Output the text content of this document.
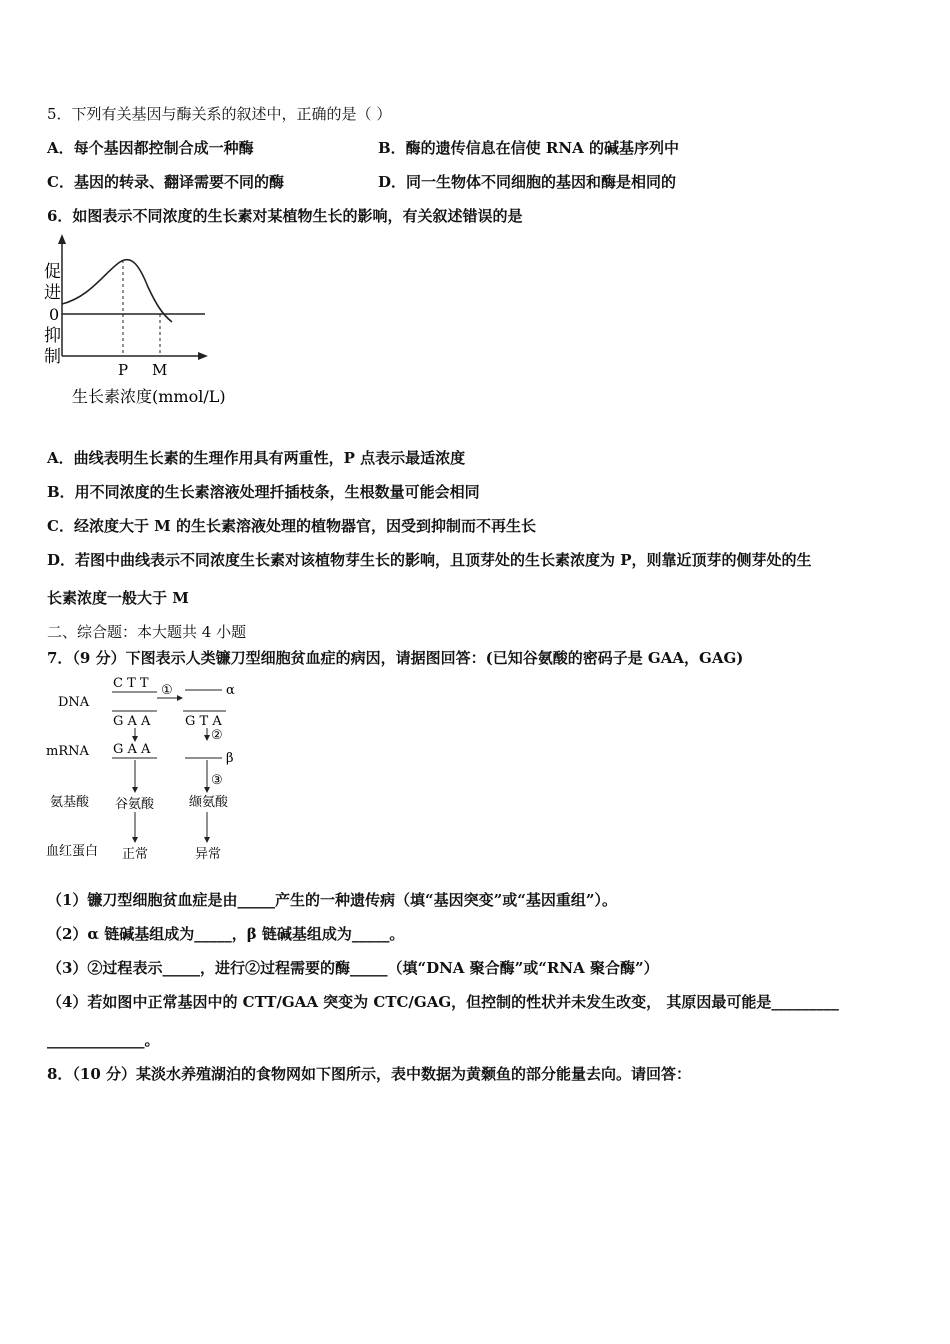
5．下列有关基因与酶关系的叙述中，正确的是（ ）
A．每个基因都控制合成一种酶	B．酶的遗传信息在信使 RNA 的碱基序列中
C．基因的转录、翻译需要不同的酶	D．同一生物体不同细胞的基因和酶是相同的
6．如图表示不同浓度的生长素对某植物生长的影响，有关叙述错误的是
促
进
0
抑
制
P M
生长素浓度(mmol/L)
A．曲线表明生长素的生理作用具有两重性，P 点表示最适浓度
B．用不同浓度的生长素溶液处理扦插枝条，生根数量可能会相同
C．经浓度大于 M 的生长素溶液处理的植物器官，因受到抑制而不再生长
D．若图中曲线表示不同浓度生长素对该植物芽生长的影响，且顶芽处的生长素浓度为 P，则靠近顶芽的侧芽处的生
长素浓度一般大于 M
二、综合题：本大题共 4 小题
7．（9 分）下图表示人类镰刀型细胞贫血症的病因，请据图回答：(已知谷氨酸的密码子是 GAA，GAG)
DNA
mRNA
氨基酸
血红蛋白
C T T
G A A
G A A
谷氨酸
正常
①	α
G T A
②
β
③
缬氨酸
异常
（1）镰刀型细胞贫血症是由_____产生的一种遗传病（填“基因突变”或“基因重组”）。
（2）α 链碱基组成为_____，β 链碱基组成为_____。
（3）②过程表示_____，进行②过程需要的酶_____（填“DNA 聚合酶”或“RNA 聚合酶”）
（4）若如图中正常基因中的 CTT/GAA 突变为 CTC/GAG，但控制的性状并未发生改变， 其原因最可能是_________
_____________。
8．（10 分）某淡水养殖湖泊的食物网如下图所示，表中数据为黄颡鱼的部分能量去向。请回答：
